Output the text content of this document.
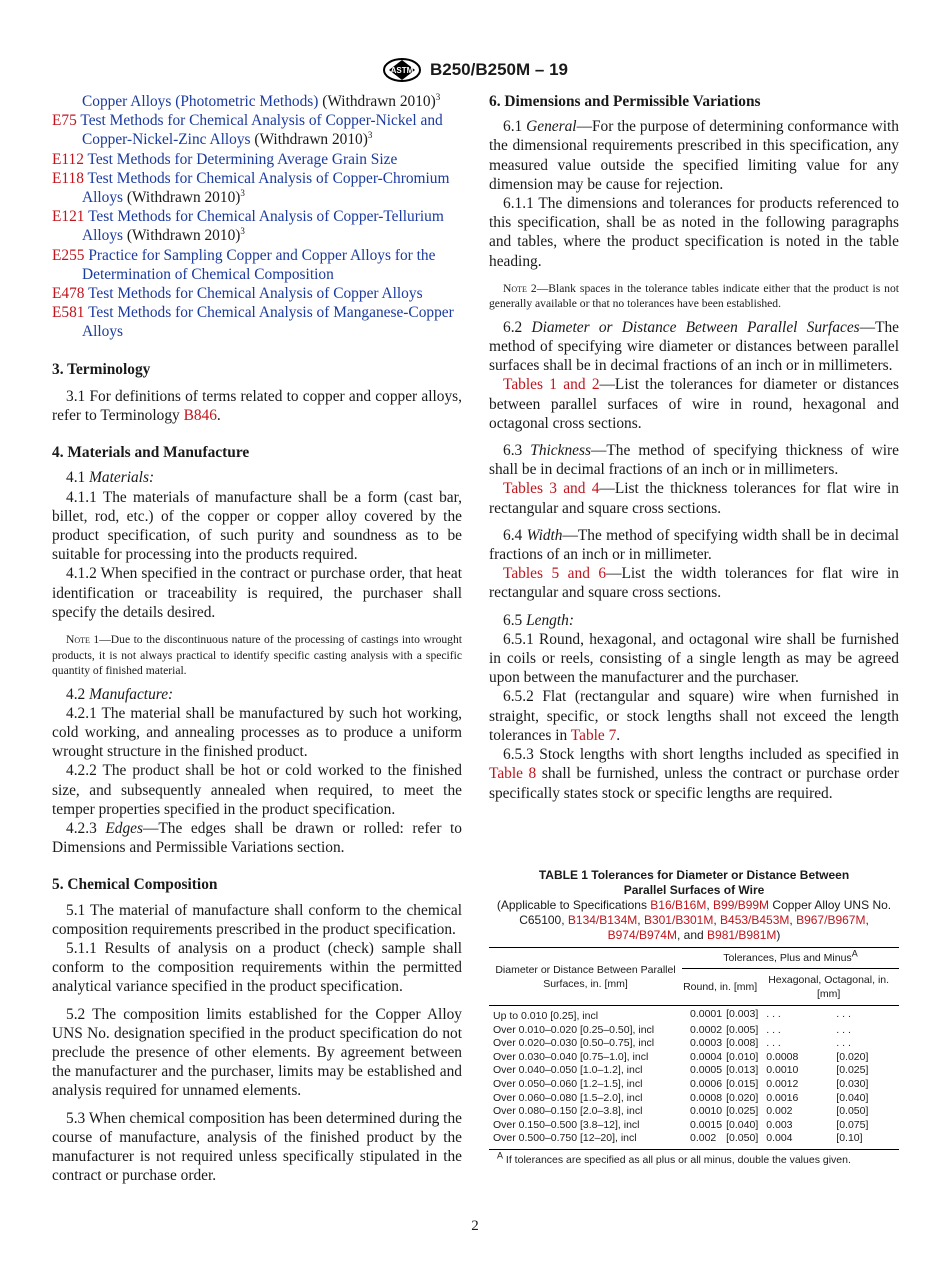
ASTM B250/B250M – 19

Copper Alloys (Photometric Methods) (Withdrawn 2010)$^3$

E75 Test Methods for Chemical Analysis of Copper-Nickel and Copper-Nickel-Zinc Alloys (Withdrawn 2010)$^3$

E112 Test Methods for Determining Average Grain Size

E118 Test Methods for Chemical Analysis of Copper-Chromium Alloys (Withdrawn 2010)$^3$

E121 Test Methods for Chemical Analysis of Copper-Tellurium Alloys (Withdrawn 2010)$^3$

E255 Practice for Sampling Copper and Copper Alloys for the Determination of Chemical Composition

E478 Test Methods for Chemical Analysis of Copper Alloys

E581 Test Methods for Chemical Analysis of Manganese-Copper Alloys

3. Terminology

3.1 For definitions of terms related to copper and copper alloys, refer to Terminology B846.

4. Materials and Manufacture

4.1 Materials:

4.1.1 The materials of manufacture shall be a form (cast bar, billet, rod, etc.) of the copper or copper alloy covered by the product specification, of such purity and soundness as to be suitable for processing into the products required.

4.1.2 When specified in the contract or purchase order, that heat identification or traceability is required, the purchaser shall specify the details desired.

Note 1—Due to the discontinuous nature of the processing of castings into wrought products, it is not always practical to identify specific casting analysis with a specific quantity of finished material.

4.2 Manufacture:

4.2.1 The material shall be manufactured by such hot working, cold working, and annealing processes as to produce a uniform wrought structure in the finished product.

4.2.2 The product shall be hot or cold worked to the finished size, and subsequently annealed when required, to meet the temper properties specified in the product specification.

4.2.3 Edges—The edges shall be drawn or rolled: refer to Dimensions and Permissible Variations section.

5. Chemical Composition

5.1 The material of manufacture shall conform to the chemical composition requirements prescribed in the product specification.

5.1.1 Results of analysis on a product (check) sample shall conform to the composition requirements within the permitted analytical variance specified in the product specification.

5.2 The composition limits established for the Copper Alloy UNS No. designation specified in the product specification do not preclude the presence of other elements. By agreement between the manufacturer and the purchaser, limits may be established and analysis required for unnamed elements.

5.3 When chemical composition has been determined during the course of manufacture, analysis of the finished product by the manufacturer is not required unless specifically stipulated in the contract or purchase order.

6. Dimensions and Permissible Variations

6.1 General—For the purpose of determining conformance with the dimensional requirements prescribed in this specification, any measured value outside the specified limiting value for any dimension may be cause for rejection.

6.1.1 The dimensions and tolerances for products referenced to this specification, shall be as noted in the following paragraphs and tables, where the product specification is noted in the table heading.

Note 2—Blank spaces in the tolerance tables indicate either that the product is not generally available or that no tolerances have been established.

6.2 Diameter or Distance Between Parallel Surfaces—The method of specifying wire diameter or distances between parallel surfaces shall be in decimal fractions of an inch or in millimeters.

Tables 1 and 2—List the tolerances for diameter or distances between parallel surfaces of wire in round, hexagonal and octagonal cross sections.

6.3 Thickness—The method of specifying thickness of wire shall be in decimal fractions of an inch or in millimeters.

Tables 3 and 4—List the thickness tolerances for flat wire in rectangular and square cross sections.

6.4 Width—The method of specifying width shall be in decimal fractions of an inch or in millimeter.

Tables 5 and 6—List the width tolerances for flat wire in rectangular and square cross sections.

6.5 Length:

6.5.1 Round, hexagonal, and octagonal wire shall be furnished in coils or reels, consisting of a single length as may be agreed upon between the manufacturer and the purchaser.

6.5.2 Flat (rectangular and square) wire when furnished in straight, specific, or stock lengths shall not exceed the length tolerances in Table 7.

6.5.3 Stock lengths with short lengths included as specified in Table 8 shall be furnished, unless the contract or purchase order specifically states stock or specific lengths are required.

TABLE 1 Tolerances for Diameter or Distance Between
Parallel Surfaces of Wire
(Applicable to Specifications B16/B16M, B99/B99M Copper Alloy UNS No. C65100, B134/B134M, B301/B301M, B453/B453M, B967/B967M, B974/B974M, and B981/B981M)
Diameter or Distance Between Parallel Surfaces, in. [mm]	Tolerances, Plus and Minus$^A$
	Round, in. [mm]		Hexagonal, Octagonal, in. [mm]	
Up to 0.010 [0.25], incl	0.0001	[0.003]	. . .	. . .
Over 0.010–0.020 [0.25–0.50], incl	0.0002	[0.005]	. . .	. . .
Over 0.020–0.030 [0.50–0.75], incl	0.0003	[0.008]	. . .	. . .
Over 0.030–0.040 [0.75–1.0], incl	0.0004	[0.010]	0.0008	[0.020]
Over 0.040–0.050 [1.0–1.2], incl	0.0005	[0.013]	0.0010	[0.025]
Over 0.050–0.060 [1.2–1.5], incl	0.0006	[0.015]	0.0012	[0.030]
Over 0.060–0.080 [1.5–2.0], incl	0.0008	[0.020]	0.0016	[0.040]
Over 0.080–0.150 [2.0–3.8], incl	0.0010	[0.025]	0.002	[0.050]
Over 0.150–0.500 [3.8–12], incl	0.0015	[0.040]	0.003	[0.075]
Over 0.500–0.750 [12–20], incl	0.002	[0.050]	0.004	[0.10]
$^A$ If tolerances are specified as all plus or all minus, double the values given.
2
